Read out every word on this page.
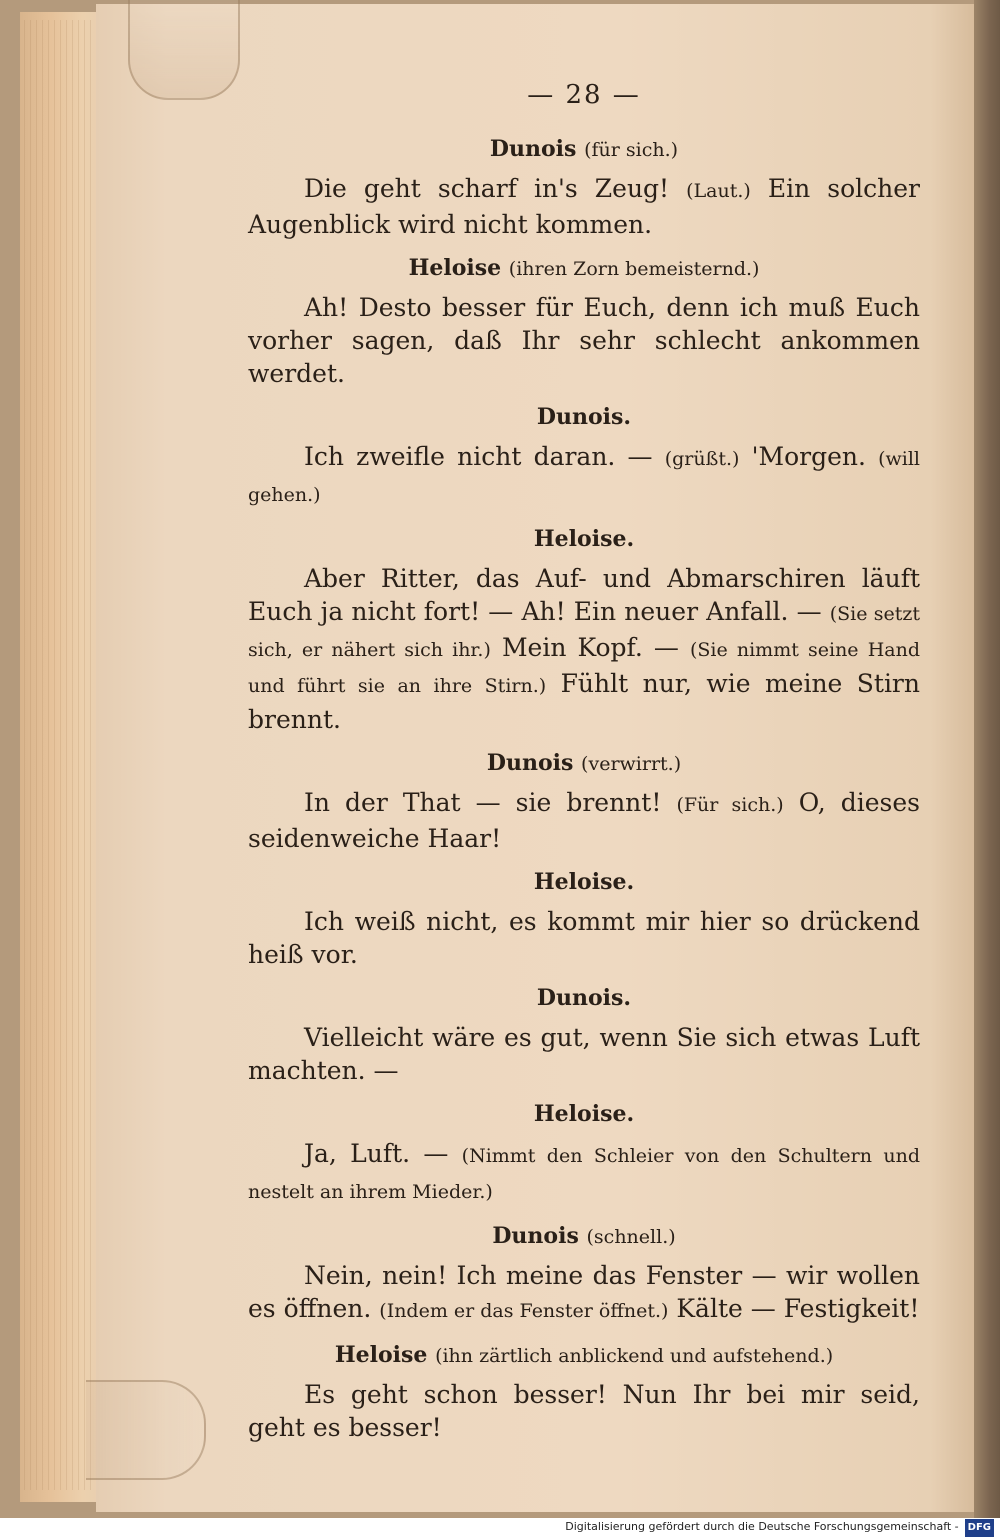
— 28 —
Dunois (für sich.)

Die geht scharf in's Zeug! (Laut.) Ein solcher Augenblick wird nicht kommen.

Heloise (ihren Zorn bemeisternd.)

Ah! Desto besser für Euch, denn ich muß Euch vorher sagen, daß Ihr sehr schlecht ankommen werdet.

Dunois.

Ich zweifle nicht daran. — (grüßt.) 'Morgen. (will gehen.)

Heloise.

Aber Ritter, das Auf- und Abmarschiren läuft Euch ja nicht fort! — Ah! Ein neuer Anfall. — (Sie setzt sich, er nähert sich ihr.) Mein Kopf. — (Sie nimmt seine Hand und führt sie an ihre Stirn.) Fühlt nur, wie meine Stirn brennt.

Dunois (verwirrt.)

In der That — sie brennt! (Für sich.) O, dieses seidenweiche Haar!

Heloise.

Ich weiß nicht, es kommt mir hier so drückend heiß vor.

Dunois.

Vielleicht wäre es gut, wenn Sie sich etwas Luft machten. —

Heloise.

Ja, Luft. — (Nimmt den Schleier von den Schultern und nestelt an ihrem Mieder.)

Dunois (schnell.)

Nein, nein! Ich meine das Fenster — wir wollen es öffnen. (Indem er das Fenster öffnet.) Kälte — Festigkeit!

Heloise (ihn zärtlich anblickend und aufstehend.)

Es geht schon besser! Nun Ihr bei mir seid, geht es besser!

Digitalisierung gefördert durch die Deutsche Forschungsgemeinschaft - DFG
